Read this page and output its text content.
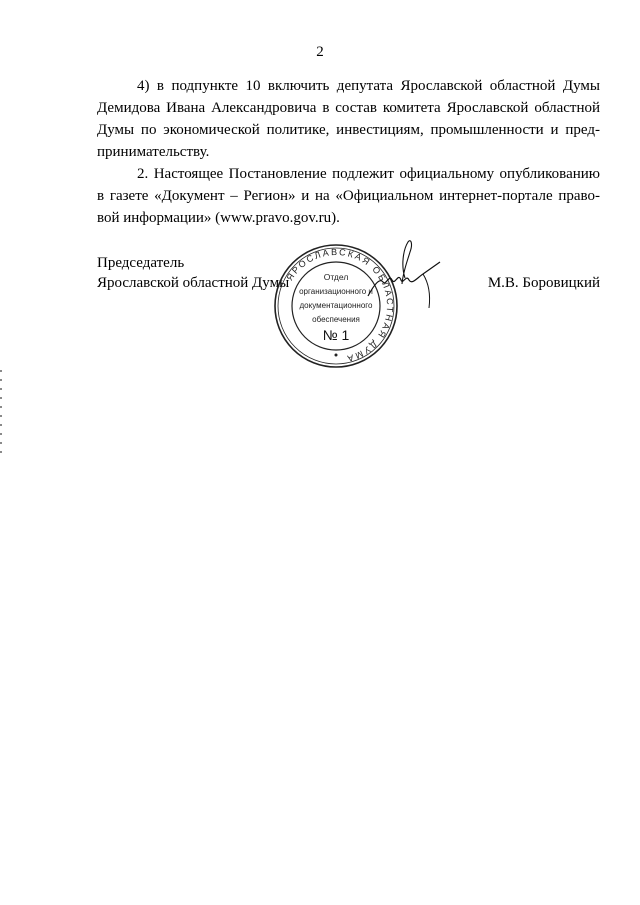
2

4) в подпункте 10 включить депутата Ярославской областной Думы Демидова Ивана Александровича в состав комитета Ярославской областной Думы по экономической политике, инвестициям, промышленности и пред- принимательству.

2. Настоящее Постановление подлежит официальному опубликованию в газете «Документ – Регион» и на «Официальном интернет-портале право- вой информации» (www.pravo.gov.ru).

Председатель
Ярославской областной Думы	М.В. Боровицкий
ЯРОСЛАВСКАЯ ОБЛАСТНАЯ ДУМА
Отдел
организационного и
документационного
обеспечения
№ 1
